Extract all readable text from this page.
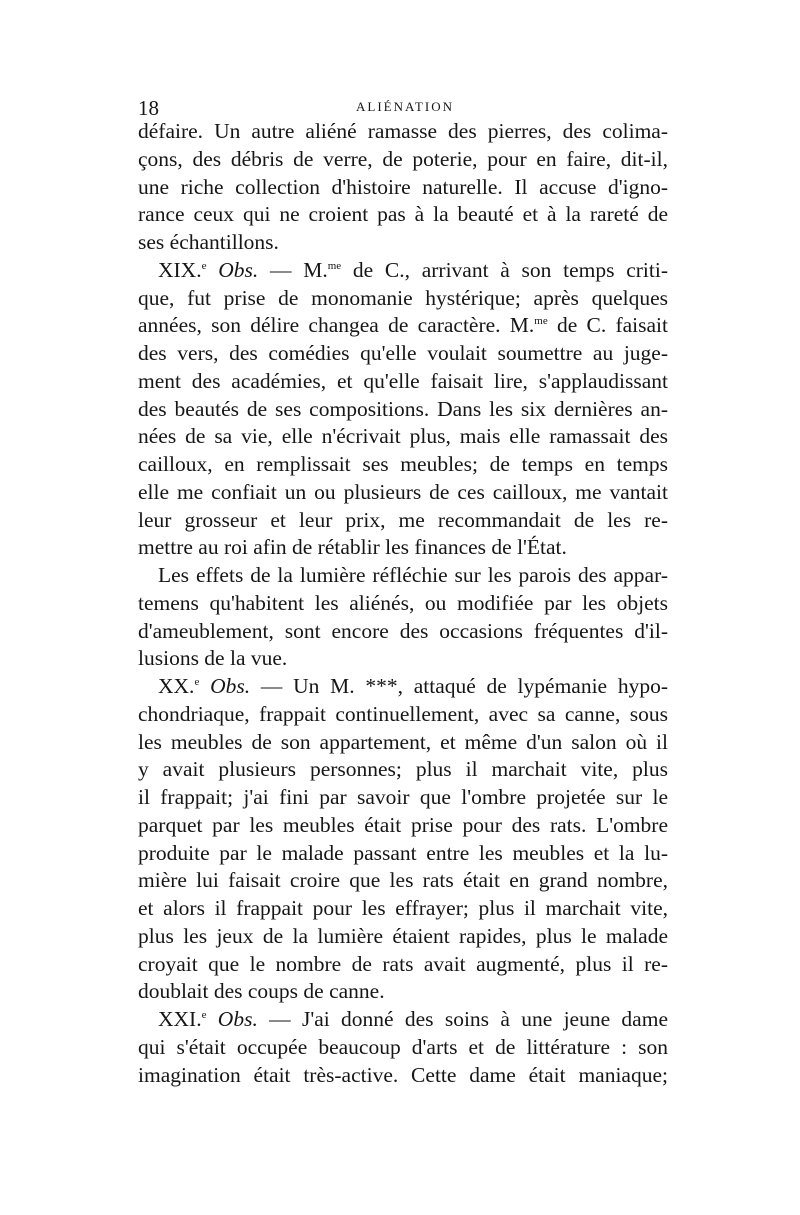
18	ALIÉNATION
défaire. Un autre aliéné ramasse des pierres, des colima-
çons, des débris de verre, de poterie, pour en faire, dit-il,
une riche collection d'histoire naturelle. Il accuse d'igno-
rance ceux qui ne croient pas à la beauté et à la rareté de
ses échantillons.
XIX.$^e$ Obs. — M.$^{me}$ de C., arrivant à son temps criti-
que, fut prise de monomanie hystérique; après quelques
années, son délire changea de caractère. M.$^{me}$ de C. faisait
des vers, des comédies qu'elle voulait soumettre au juge-
ment des académies, et qu'elle faisait lire, s'applaudissant
des beautés de ses compositions. Dans les six dernières an-
nées de sa vie, elle n'écrivait plus, mais elle ramassait des
cailloux, en remplissait ses meubles; de temps en temps
elle me confiait un ou plusieurs de ces cailloux, me vantait
leur grosseur et leur prix, me recommandait de les re-
mettre au roi afin de rétablir les finances de l'État.
Les effets de la lumière réfléchie sur les parois des appar-
temens qu'habitent les aliénés, ou modifiée par les objets
d'ameublement, sont encore des occasions fréquentes d'il-
lusions de la vue.
XX.$^e$ Obs. — Un M. ***, attaqué de lypémanie hypo-
chondriaque, frappait continuellement, avec sa canne, sous
les meubles de son appartement, et même d'un salon où il
y avait plusieurs personnes; plus il marchait vite, plus
il frappait; j'ai fini par savoir que l'ombre projetée sur le
parquet par les meubles était prise pour des rats. L'ombre
produite par le malade passant entre les meubles et la lu-
mière lui faisait croire que les rats était en grand nombre,
et alors il frappait pour les effrayer; plus il marchait vite,
plus les jeux de la lumière étaient rapides, plus le malade
croyait que le nombre de rats avait augmenté, plus il re-
doublait des coups de canne.
XXI.$^e$ Obs. — J'ai donné des soins à une jeune dame
qui s'était occupée beaucoup d'arts et de littérature : son
imagination était très-active. Cette dame était maniaque;
